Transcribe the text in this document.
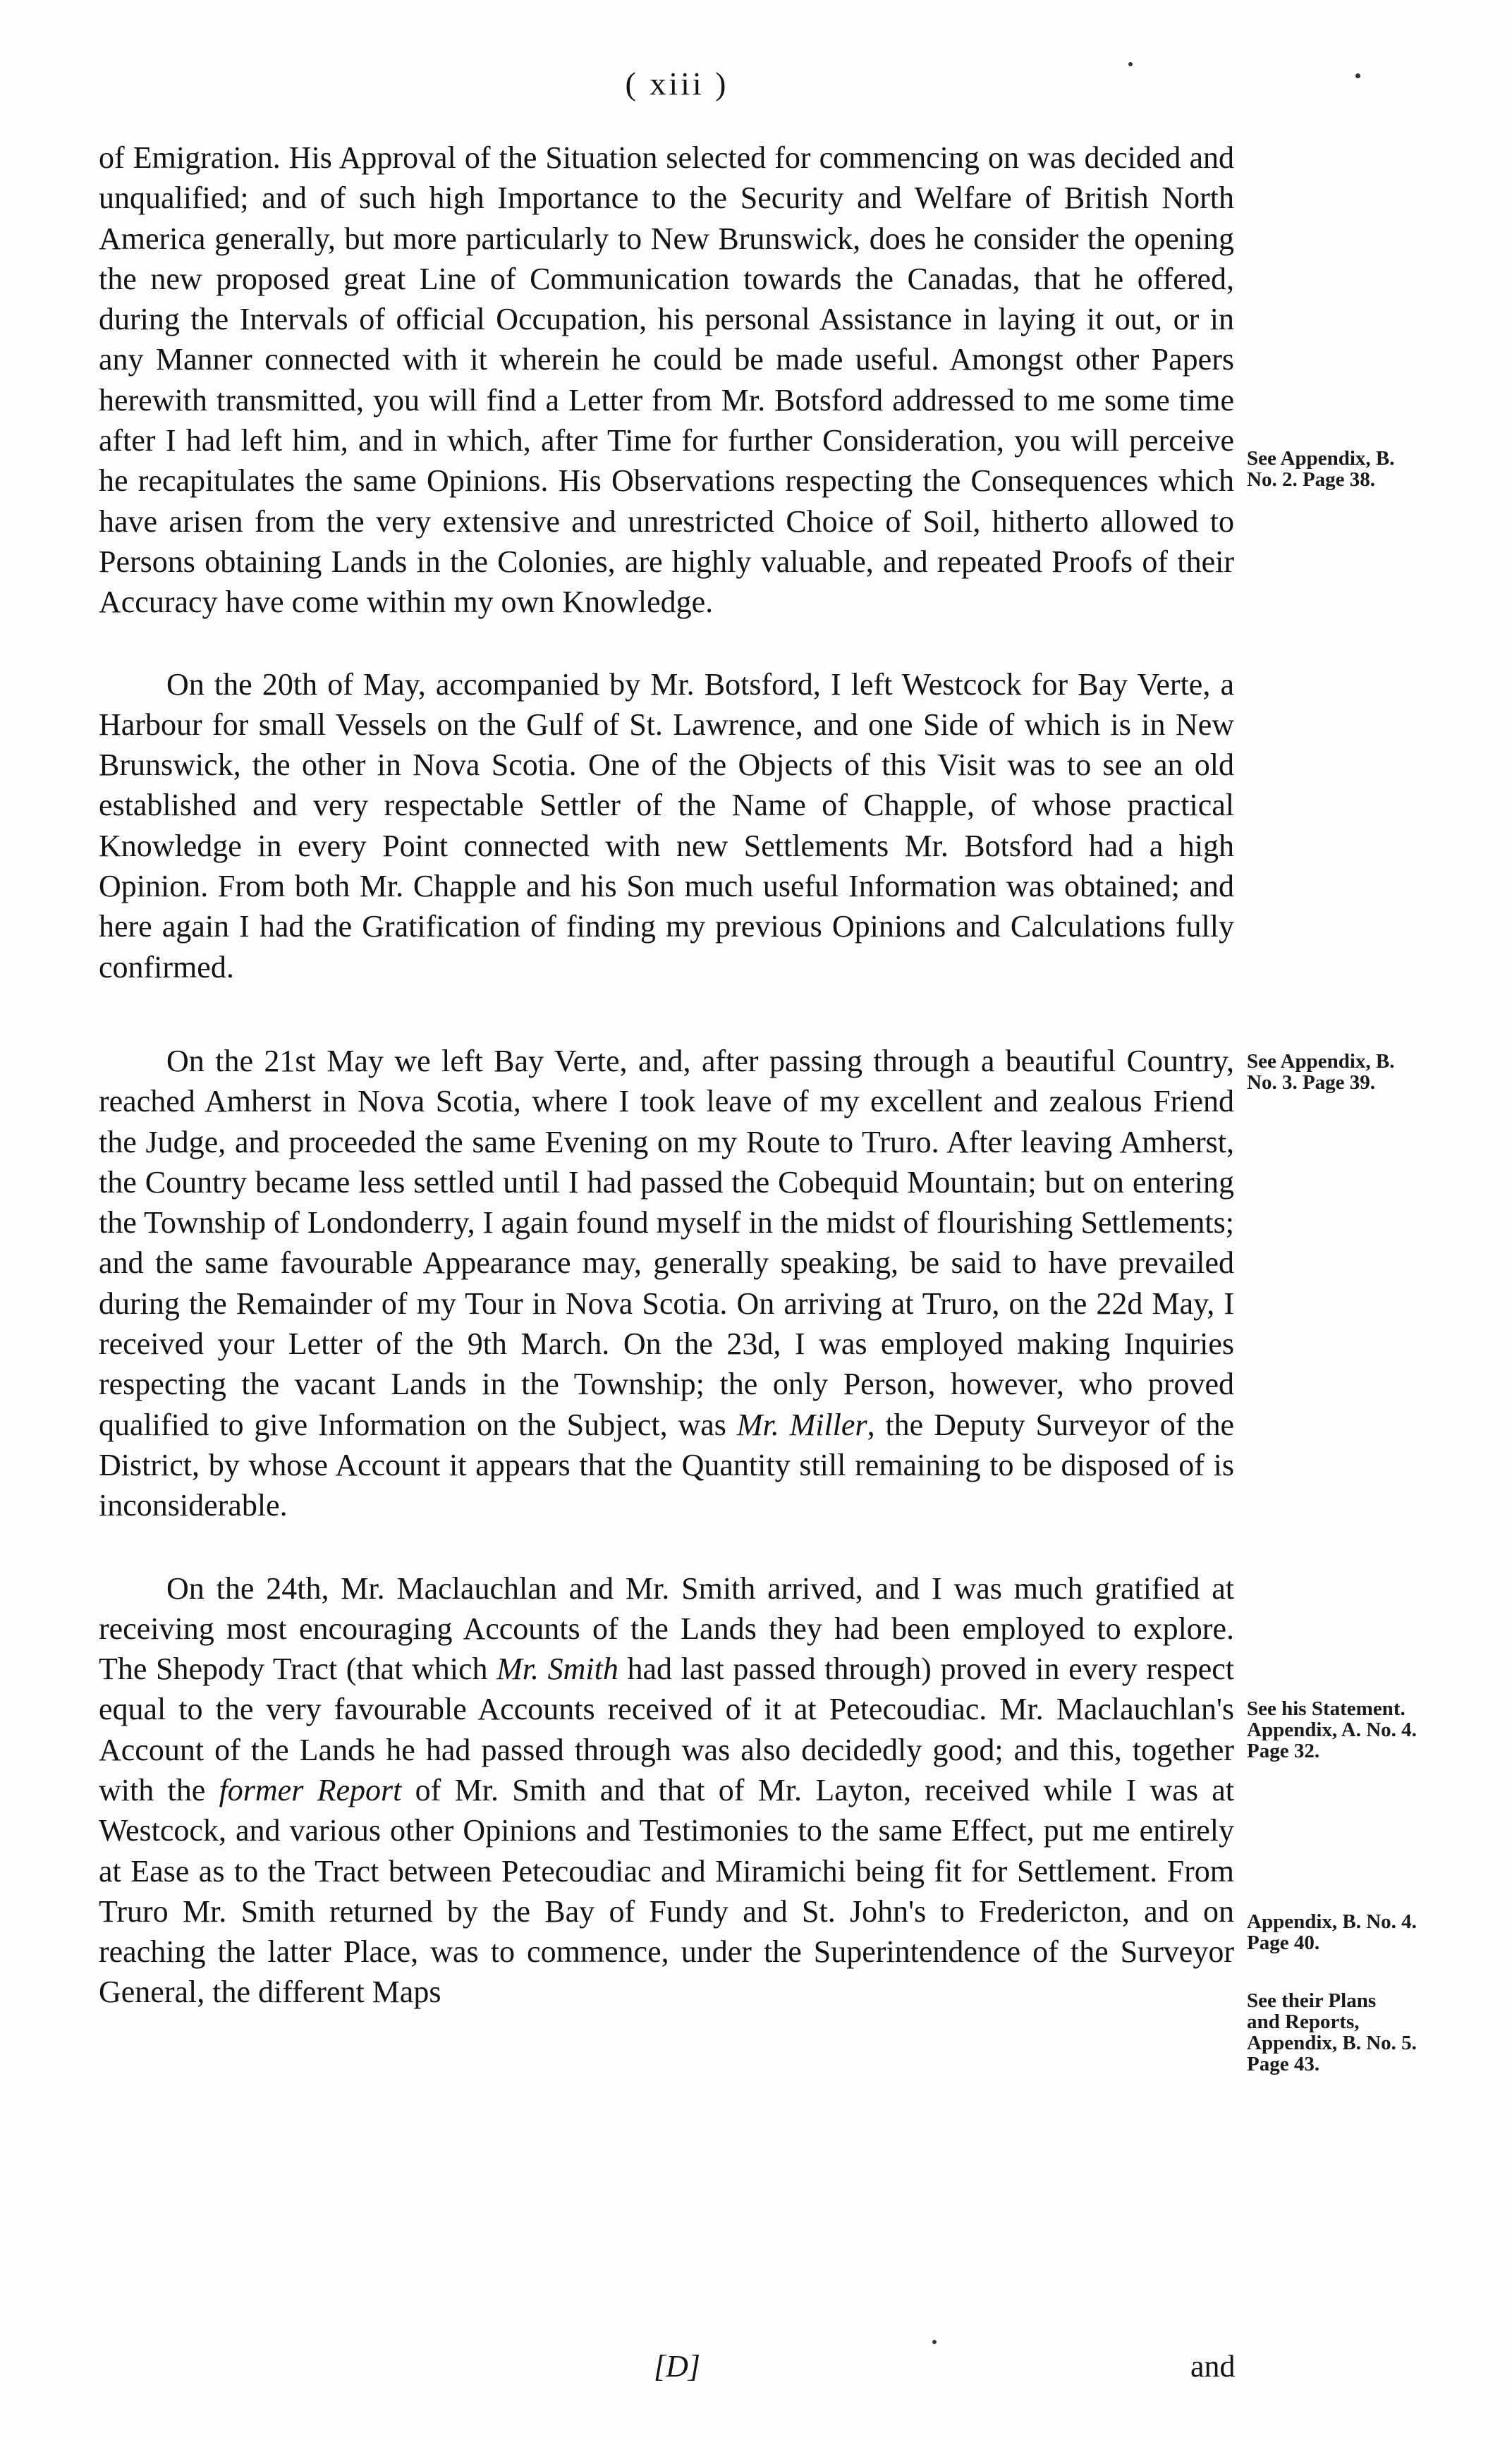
( xiii )

of Emigration. His Approval of the Situation selected for commencing on was decided and unqualified; and of such high Importance to the Security and Welfare of British North America generally, but more particularly to New Brunswick, does he consider the opening the new proposed great Line of Communication towards the Canadas, that he offered, during the Intervals of official Occupation, his personal Assistance in laying it out, or in any Manner connected with it wherein he could be made useful. Amongst other Papers herewith transmitted, you will find a Letter from Mr. Botsford addressed to me some time after I had left him, and in which, after Time for further Consideration, you will perceive he recapitulates the same Opinions. His Observations respecting the Consequences which have arisen from the very extensive and unrestricted Choice of Soil, hitherto allowed to Persons obtaining Lands in the Colonies, are highly valuable, and repeated Proofs of their Accuracy have come within my own Knowledge.

On the 20th of May, accompanied by Mr. Botsford, I left Westcock for Bay Verte, a Harbour for small Vessels on the Gulf of St. Lawrence, and one Side of which is in New Brunswick, the other in Nova Scotia. One of the Objects of this Visit was to see an old established and very respectable Settler of the Name of Chapple, of whose practical Knowledge in every Point connected with new Settlements Mr. Botsford had a high Opinion. From both Mr. Chapple and his Son much useful Information was obtained; and here again I had the Gratification of finding my previous Opinions and Calculations fully confirmed.

On the 21st May we left Bay Verte, and, after passing through a beautiful Country, reached Amherst in Nova Scotia, where I took leave of my excellent and zealous Friend the Judge, and proceeded the same Evening on my Route to Truro. After leaving Amherst, the Country became less settled until I had passed the Cobequid Mountain; but on entering the Township of Londonderry, I again found myself in the midst of flourishing Settlements; and the same favourable Appearance may, generally speaking, be said to have prevailed during the Remainder of my Tour in Nova Scotia. On arriving at Truro, on the 22d May, I received your Letter of the 9th March. On the 23d, I was employed making Inquiries respecting the vacant Lands in the Township; the only Person, however, who proved qualified to give Information on the Subject, was Mr. Miller, the Deputy Surveyor of the District, by whose Account it appears that the Quantity still remaining to be disposed of is inconsiderable.

On the 24th, Mr. Maclauchlan and Mr. Smith arrived, and I was much gratified at receiving most encouraging Accounts of the Lands they had been employed to explore. The Shepody Tract (that which Mr. Smith had last passed through) proved in every respect equal to the very favourable Accounts received of it at Petecoudiac. Mr. Maclauchlan's Account of the Lands he had passed through was also decidedly good; and this, together with the former Report of Mr. Smith and that of Mr. Layton, received while I was at Westcock, and various other Opinions and Testimonies to the same Effect, put me entirely at Ease as to the Tract between Petecoudiac and Miramichi being fit for Settlement. From Truro Mr. Smith returned by the Bay of Fundy and St. John's to Fredericton, and on reaching the latter Place, was to commence, under the Superintendence of the Surveyor General, the different Maps

See Appendix, B.
No. 2. Page 38.
See Appendix, B.
No. 3. Page 39.
See his Statement.
Appendix, A. No. 4.
Page 32.
Appendix, B. No. 4.
Page 40.
See their Plans
and Reports,
Appendix, B. No. 5.
Page 43.
[D]	and
